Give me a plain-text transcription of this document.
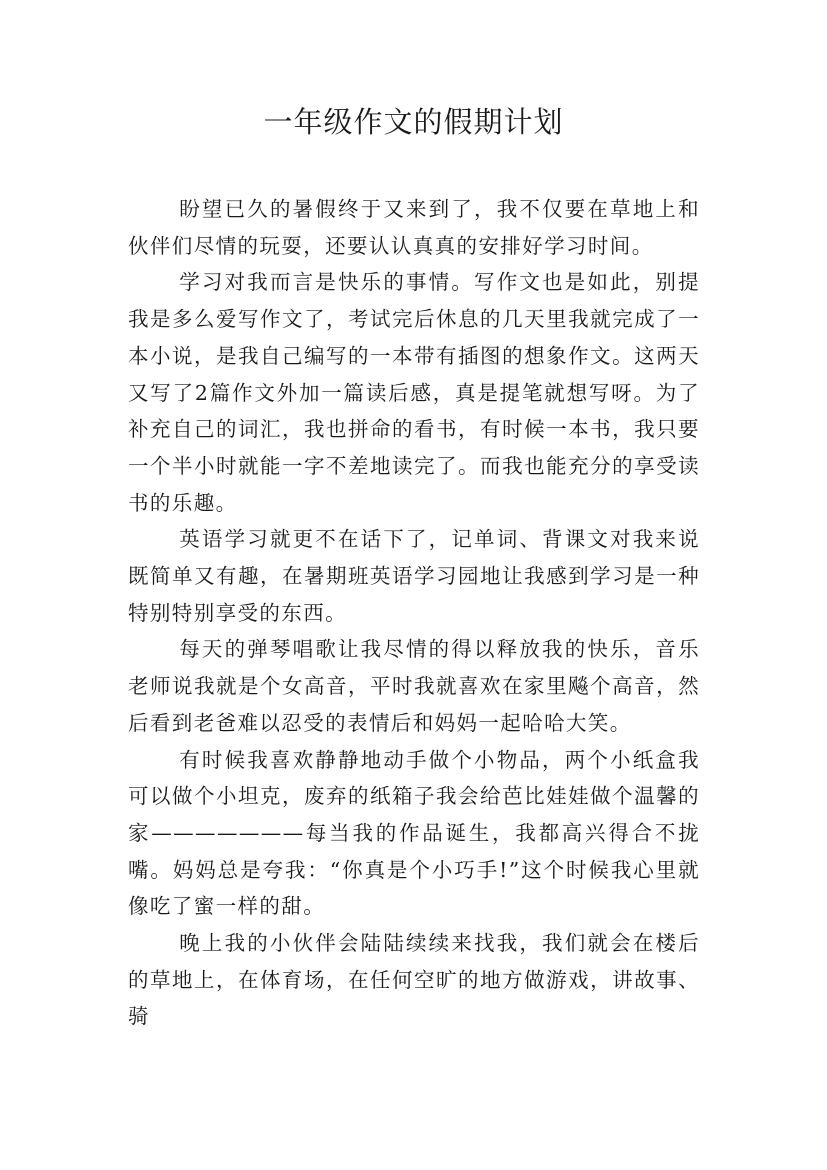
一年级作文的假期计划

盼望已久的暑假终于又来到了，我不仅要在草地上和伙伴们尽情的玩耍，还要认认真真的安排好学习时间。

学习对我而言是快乐的事情。写作文也是如此，别提我是多么爱写作文了，考试完后休息的几天里我就完成了一本小说，是我自己编写的一本带有插图的想象作文。这两天又写了2篇作文外加一篇读后感，真是提笔就想写呀。为了补充自己的词汇，我也拼命的看书，有时候一本书，我只要一个半小时就能一字不差地读完了。而我也能充分的享受读书的乐趣。

英语学习就更不在话下了，记单词、背课文对我来说既简单又有趣，在暑期班英语学习园地让我感到学习是一种特别特别享受的东西。

每天的弹琴唱歌让我尽情的得以释放我的快乐，音乐老师说我就是个女高音，平时我就喜欢在家里飚个高音，然后看到老爸难以忍受的表情后和妈妈一起哈哈大笑。

有时候我喜欢静静地动手做个小物品，两个小纸盒我可以做个小坦克，废弃的纸箱子我会给芭比娃娃做个温馨的家———————每当我的作品诞生，我都高兴得合不拢嘴。妈妈总是夸我：“你真是个小巧手!”这个时候我心里就像吃了蜜一样的甜。

晚上我的小伙伴会陆陆续续来找我，我们就会在楼后的草地上，在体育场，在任何空旷的地方做游戏，讲故事、骑
